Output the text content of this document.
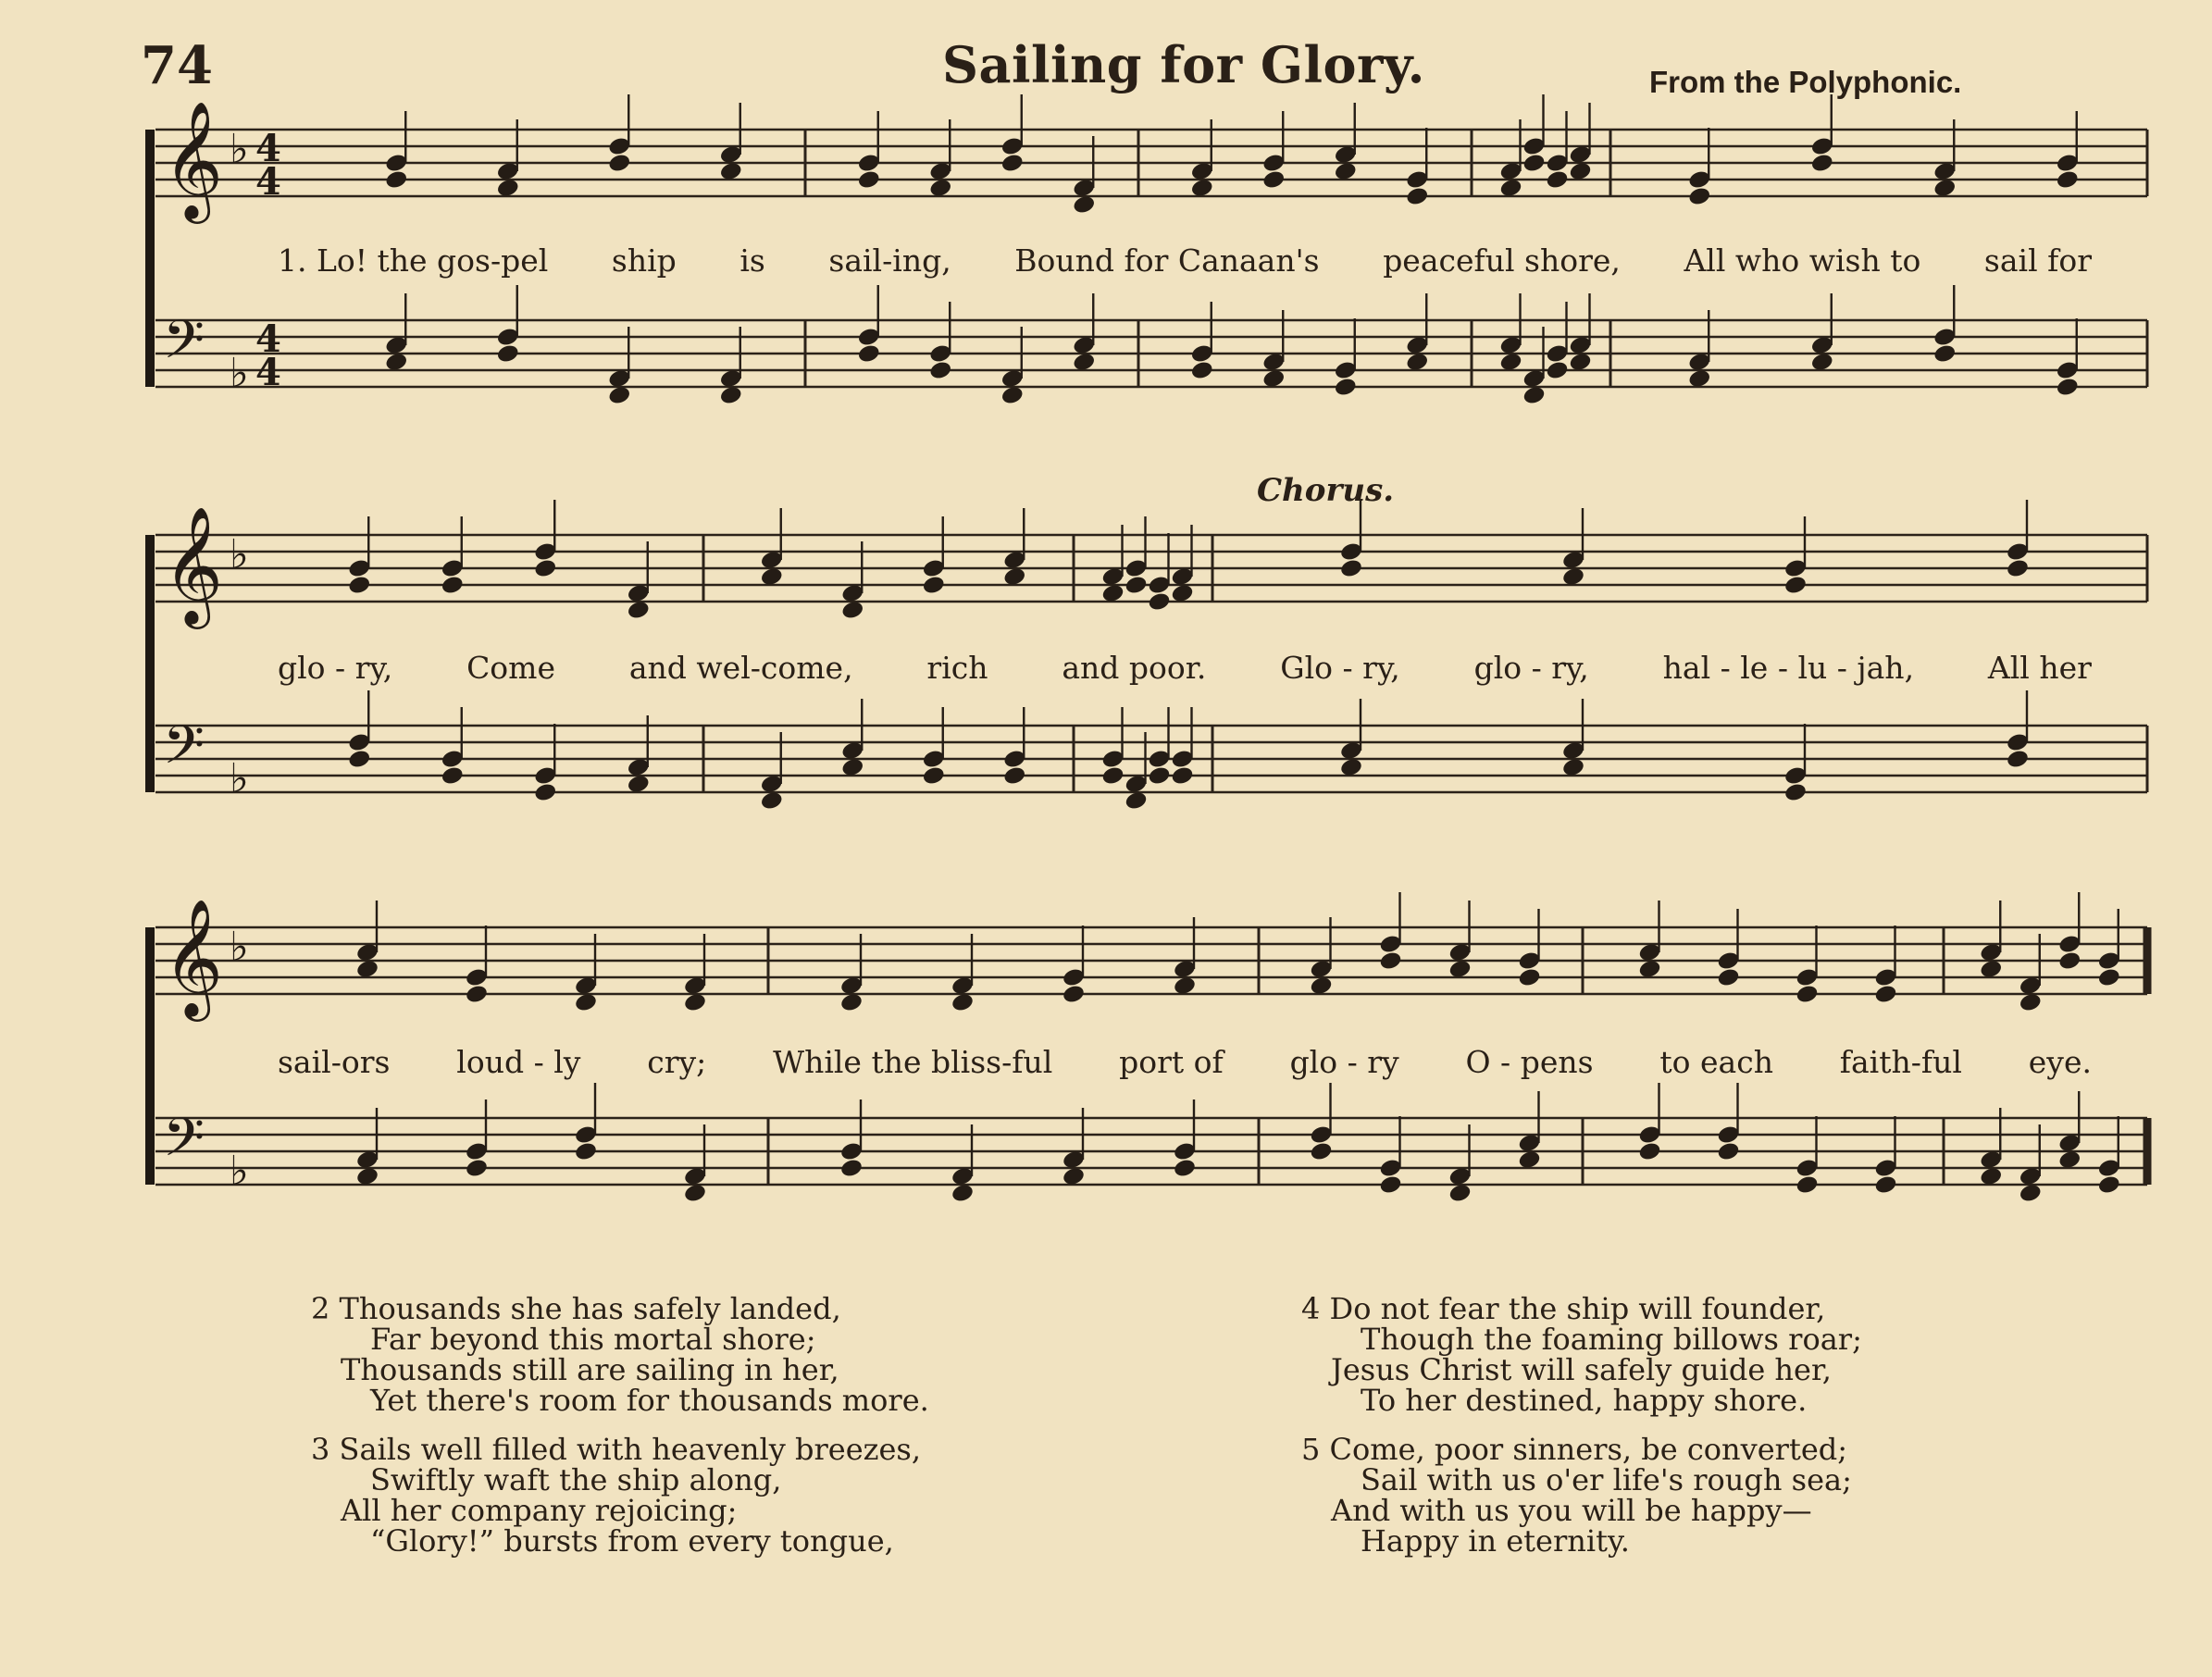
74	Sailing for Glory.	From the Polyphonic.
Chorus.
𝄞 ♭ 4
4
𝄢 ♭
4
4
1. Lo! the gos-pel ship is sail-ing, Bound for Canaan's peaceful shore, All who wish to sail for
𝄞 ♭
𝄢 ♭
glo - ry, Come and wel-come, rich and poor. Glo - ry, glo - ry, hal - le - lu - jah, All her
𝄞 ♭
𝄢 ♭
sail-ors loud - ly cry; While the bliss-ful port of glo - ry O - pens to each faith-ful eye.
2 Thousands she has safely landed,
Far beyond this mortal shore;
Thousands still are sailing in her,
Yet there's room for thousands more.
3 Sails well filled with heavenly breezes,
Swiftly waft the ship along,
All her company rejoicing;
“Glory!” bursts from every tongue,
4 Do not fear the ship will founder,
Though the foaming billows roar;
Jesus Christ will safely guide her,
To her destined, happy shore.
5 Come, poor sinners, be converted;
Sail with us o'er life's rough sea;
And with us you will be happy—
Happy in eternity.
